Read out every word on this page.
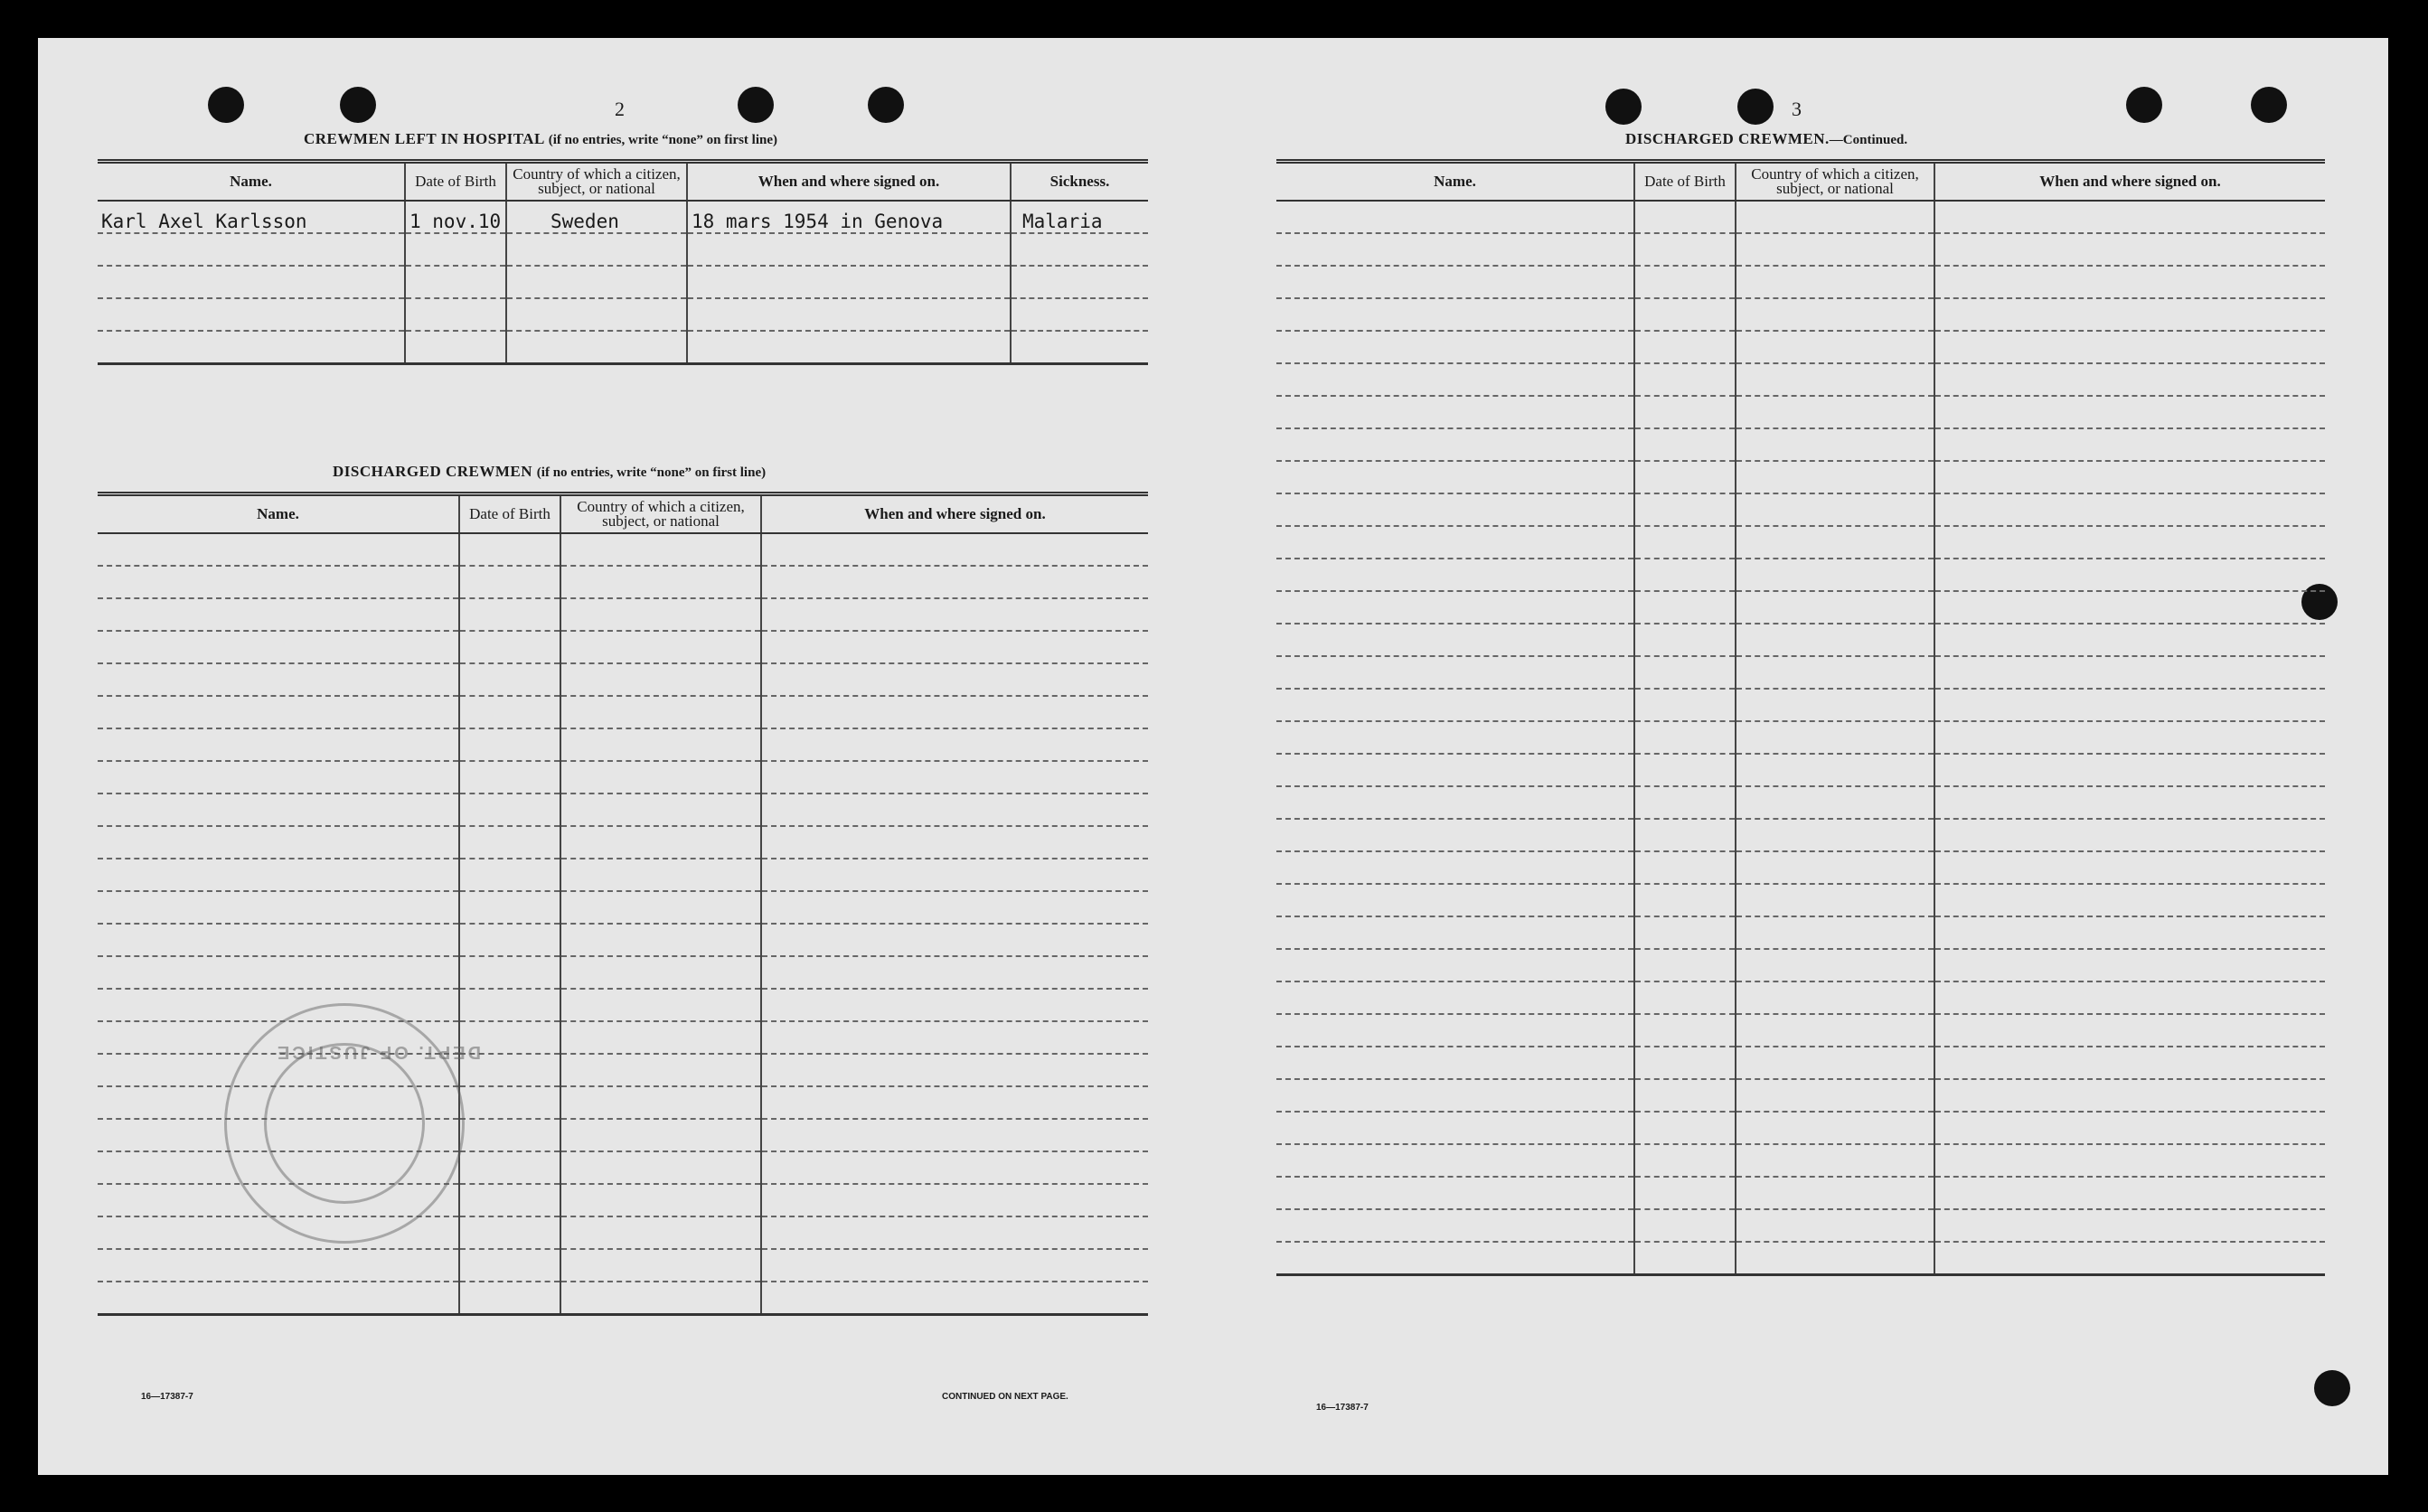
2
CREWMEN LEFT IN HOSPITAL (if no entries, write “none” on first line)
Name.	Date of Birth	Country of which a citizen, subject, or national	When and where signed on.	Sickness.
Karl Axel Karlsson	1 nov.10	Sweden	18 mars 1954 in Genova	Malaria

DISCHARGED CREWMEN (if no entries, write “none” on first line)
Name.	Date of Birth	Country of which a citizen, subject, or national	When and where signed on.

DEPT. OF JUSTICE
16—17387-7	CONTINUED ON NEXT PAGE.
3
DISCHARGED CREWMEN.—Continued.
Name.	Date of Birth	Country of which a citizen, subject, or national	When and where signed on.

16—17387-7
